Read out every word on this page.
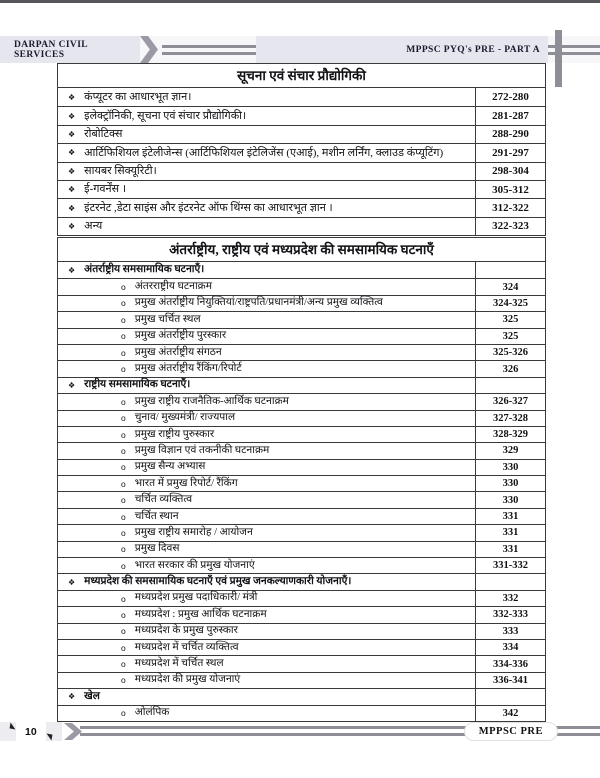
DARPAN CIVIL SERVICES	MPPSC PYQ's PRE - PART A
सूचना एवं संचार प्रौद्योगिकी
❖ कंप्यूटर का आधारभूत ज्ञान।	272-280
❖ इलेक्ट्रॉनिकी, सूचना एवं संचार प्रौद्योगिकी।	281-287
❖ रोबोटिक्स	288-290
❖ आर्टिफिशियल इंटेलीजेन्स (आर्टिफिशियल इंटेलिजेंस (एआई), मशीन लर्निंग, क्लाउड कंप्यूटिंग)	291-297
❖ सायबर सिक्यूरिटी।	298-304
❖ ई-गवर्नेंस ।	305-312
❖ इंटरनेट ,डेटा साइंस और इंटरनेट ऑफ थिंग्स का आधारभूत ज्ञान ।	312-322
❖ अन्य	322-323
अंतर्राष्ट्रीय, राष्ट्रीय एवं मध्यप्रदेश की समसामयिक घटनाएँ
❖ अंतर्राष्ट्रीय समसामायिक घटनाएँ।
o अंतरराष्ट्रीय घटनाक्रम	324
o प्रमुख अंतर्राष्ट्रीय नियुक्तियां/राष्ट्रपति/प्रधानमंत्री/अन्य प्रमुख व्यक्तित्व	324-325
o प्रमुख चर्चित स्थल	325
o प्रमुख अंतर्राष्ट्रीय पुरस्कार	325
o प्रमुख अंतर्राष्ट्रीय संगठन	325-326
o प्रमुख अंतर्राष्ट्रीय रैंकिंग/रिपोर्ट	326
❖ राष्ट्रीय समसामायिक घटनाएँ।
o प्रमुख राष्ट्रीय राजनैतिक-आर्थिक घटनाक्रम	326-327
o चुनाव/ मुख्यमंत्री/ राज्यपाल	327-328
o प्रमुख राष्ट्रीय पुरुस्कार	328-329
o प्रमुख विज्ञान एवं तकनीकी घटनाक्रम	329
o प्रमुख सैन्य अभ्यास	330
o भारत में प्रमुख रिपोर्ट/ रैंकिंग	330
o चर्चित व्यक्तित्व	330
o चर्चित स्थान	331
o प्रमुख राष्ट्रीय समारोह / आयोजन	331
o प्रमुख दिवस	331
o भारत सरकार की प्रमुख योजनाएं	331-332
❖ मध्यप्रदेश की समसामायिक घटनाएँ एवं प्रमुख जनकल्याणकारी योजनाएँ।
o मध्यप्रदेश प्रमुख पदाधिकारी/ मंत्री	332
o मध्यप्रदेश : प्रमुख आर्थिक घटनाक्रम	332-333
o मध्यप्रदेश के प्रमुख पुरुस्कार	333
o मध्यप्रदेश में चर्चित व्यक्तित्व	334
o मध्यप्रदेश में चर्चित स्थल	334-336
o मध्यप्रदेश की प्रमुख योजनाएं	336-341
❖ खेल
o ओलंपिक	342
10	MPPSC PRE
